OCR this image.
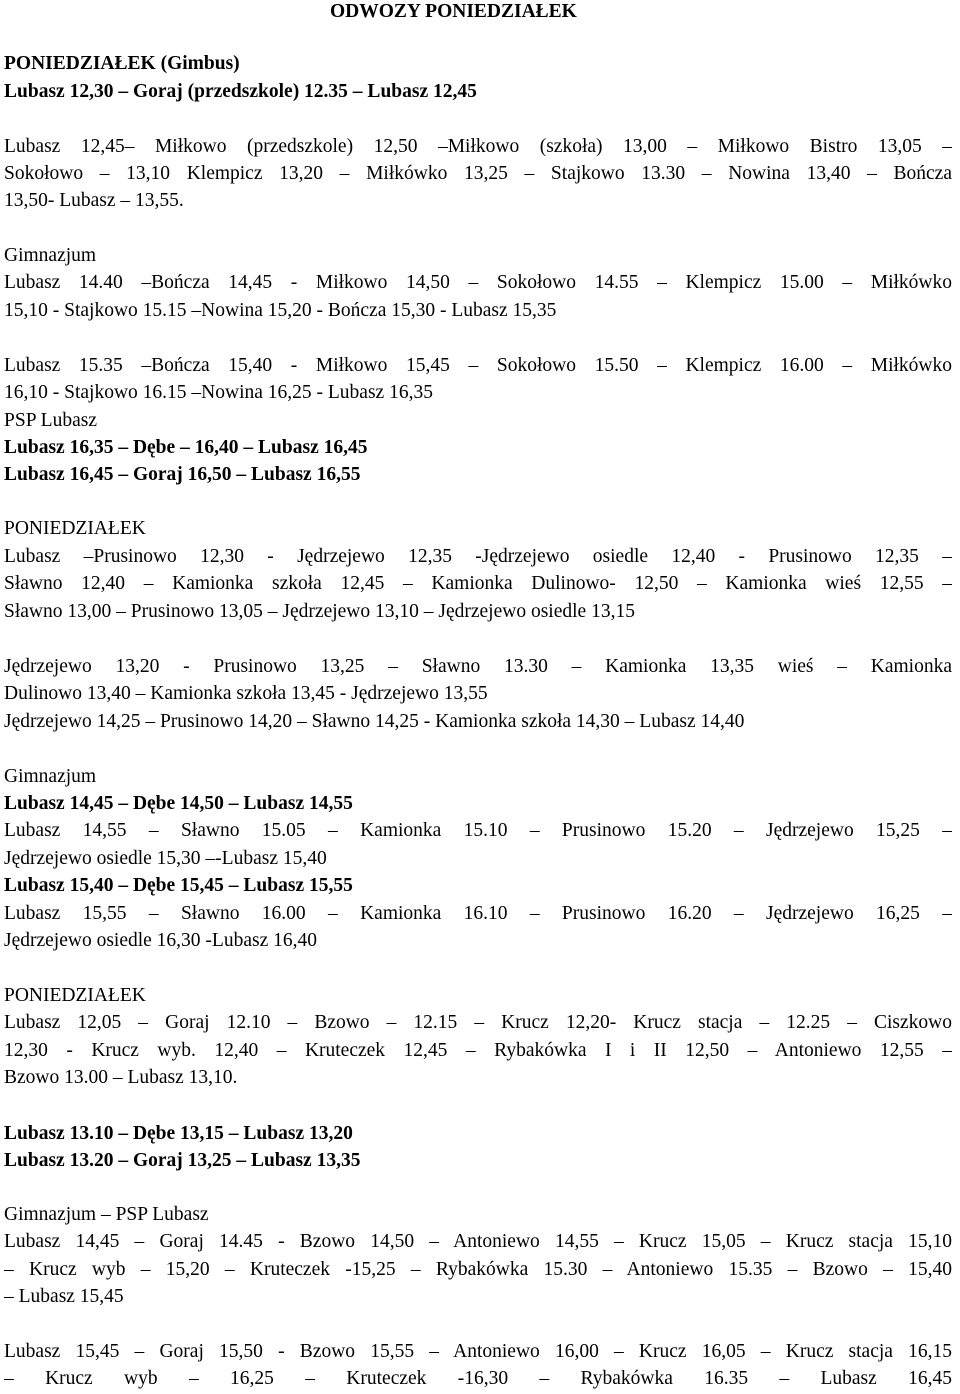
ODWOZY PONIEDZIAŁEK
PONIEDZIAŁEK (Gimbus)
Lubasz 12,30 – Goraj (przedszkole) 12.35 – Lubasz 12,45
Lubasz 12,45– Miłkowo (przedszkole) 12,50 –Miłkowo (szkoła) 13,00 – Miłkowo Bistro 13,05 –
Sokołowo – 13,10 Klempicz 13,20 – Miłkówko 13,25 – Stajkowo 13.30 – Nowina 13,40 – Bończa
13,50- Lubasz – 13,55.
Gimnazjum
Lubasz 14.40 –Bończa 14,45 - Miłkowo 14,50 – Sokołowo 14.55 – Klempicz 15.00 – Miłkówko
15,10 - Stajkowo 15.15 –Nowina 15,20 - Bończa 15,30 - Lubasz 15,35
Lubasz 15.35 –Bończa 15,40 - Miłkowo 15,45 – Sokołowo 15.50 – Klempicz 16.00 – Miłkówko
16,10 - Stajkowo 16.15 –Nowina 16,25 - Lubasz 16,35
PSP Lubasz
Lubasz 16,35 – Dębe – 16,40 – Lubasz 16,45
Lubasz 16,45 – Goraj 16,50 – Lubasz 16,55
PONIEDZIAŁEK
Lubasz –Prusinowo 12,30 - Jędrzejewo 12,35 -Jędrzejewo osiedle 12,40 - Prusinowo 12,35 –
Sławno 12,40 – Kamionka szkoła 12,45 – Kamionka Dulinowo- 12,50 – Kamionka wieś 12,55 –
Sławno 13,00 – Prusinowo 13,05 – Jędrzejewo 13,10 – Jędrzejewo osiedle 13,15
Jędrzejewo 13,20 - Prusinowo 13,25 – Sławno 13.30 – Kamionka 13,35 wieś – Kamionka
Dulinowo 13,40 – Kamionka szkoła 13,45 - Jędrzejewo 13,55
Jędrzejewo 14,25 – Prusinowo 14,20 – Sławno 14,25 - Kamionka szkoła 14,30 – Lubasz 14,40
Gimnazjum
Lubasz 14,45 – Dębe 14,50 – Lubasz 14,55
Lubasz 14,55 – Sławno 15.05 – Kamionka 15.10 – Prusinowo 15.20 – Jędrzejewo 15,25 –
Jędrzejewo osiedle 15,30 –-Lubasz 15,40
Lubasz 15,40 – Dębe 15,45 – Lubasz 15,55
Lubasz 15,55 – Sławno 16.00 – Kamionka 16.10 – Prusinowo 16.20 – Jędrzejewo 16,25 –
Jędrzejewo osiedle 16,30 -Lubasz 16,40
PONIEDZIAŁEK
Lubasz 12,05 – Goraj 12.10 – Bzowo – 12.15 – Krucz 12,20- Krucz stacja – 12.25 – Ciszkowo
12,30 - Krucz wyb. 12,40 – Kruteczek 12,45 – Rybakówka I i II 12,50 – Antoniewo 12,55 –
Bzowo 13.00 – Lubasz 13,10.
Lubasz 13.10 – Dębe 13,15 – Lubasz 13,20
Lubasz 13.20 – Goraj 13,25 – Lubasz 13,35
Gimnazjum – PSP Lubasz
Lubasz 14,45 – Goraj 14.45 - Bzowo 14,50 – Antoniewo 14,55 – Krucz 15,05 – Krucz stacja 15,10
– Krucz wyb – 15,20 – Kruteczek -15,25 – Rybakówka 15.30 – Antoniewo 15.35 – Bzowo – 15,40
– Lubasz 15,45
Lubasz 15,45 – Goraj 15,50 - Bzowo 15,55 – Antoniewo 16,00 – Krucz 16,05 – Krucz stacja 16,15
– Krucz wyb – 16,25 – Kruteczek -16,30 – Rybakówka 16.35 – Lubasz 16,45
